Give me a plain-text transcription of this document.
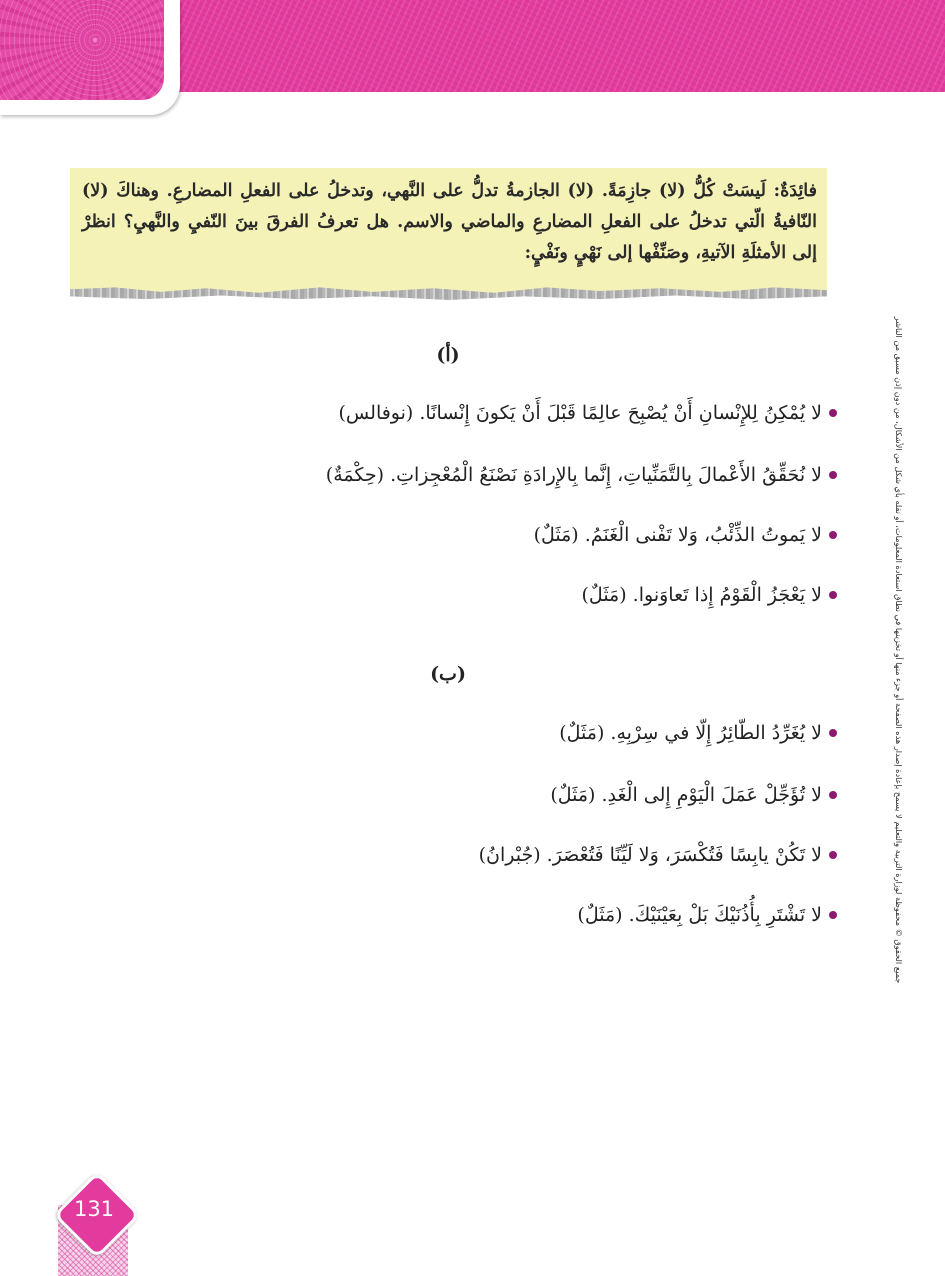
فائِدَةٌ: لَيسَتْ كُلُّ (لا) جازِمَةً. (لا) الجازمةُ تدلُّ على النَّهي، وتدخلُ على الفعلِ المضارعِ. وهناكَ (لا) النّافيةُ الّتي تدخلُ على الفعلِ المضارعِ والماضي والاسم. هل تعرفُ الفرقَ بينَ النّفيِ والنَّهيِ؟ انظرْ إلى الأمثلَةِ الآتيةِ، وصَنِّفْها إلى نَهْيٍ ونَفْيٍ:
(أ)
لا يُمْكِنُ لِلإِنْسانِ أَنْ يُصْبِحَ عالِمًا قَبْلَ أَنْ يَكونَ إِنْسانًا. (نوفالس)
لا نُحَقِّقُ الأَعْمالَ بِالتَّمَنِّياتِ، إِنَّما بِالإِرادَةِ نَصْنَعُ الْمُعْجِزاتِ. (حِكْمَةٌ)
لا يَموتُ الذِّئْبُ، وَلا تَفْنى الْغَنَمُ. (مَثَلٌ)
لا يَعْجَزُ الْقَوْمُ إِذا تَعاوَنوا. (مَثَلٌ)
(ب)
لا يُغَرِّدُ الطّائِرُ إِلّا في سِرْبِهِ. (مَثَلٌ)
لا تُؤَجِّلْ عَمَلَ الْيَوْمِ إِلى الْغَدِ. (مَثَلٌ)
لا تَكُنْ يابِسًا فَتُكْسَرَ، وَلا لَيِّنًا فَتُعْصَرَ. (جُبْرانُ)
لا تَشْتَرِ بِأُذُنَيْكَ بَلْ بِعَيْنَيْكَ. (مَثَلٌ)	جميع الحقوق © محفوظة لوزارة التربية والتعليم لا يسمح بإعادة إصدار هذه الصفحة أو جزء منها أو تخزينها في نطاق استعادة المعلومات، أو نقله بأي شكل من الأشكال، من دون إذن مسبق من الناشر
131
